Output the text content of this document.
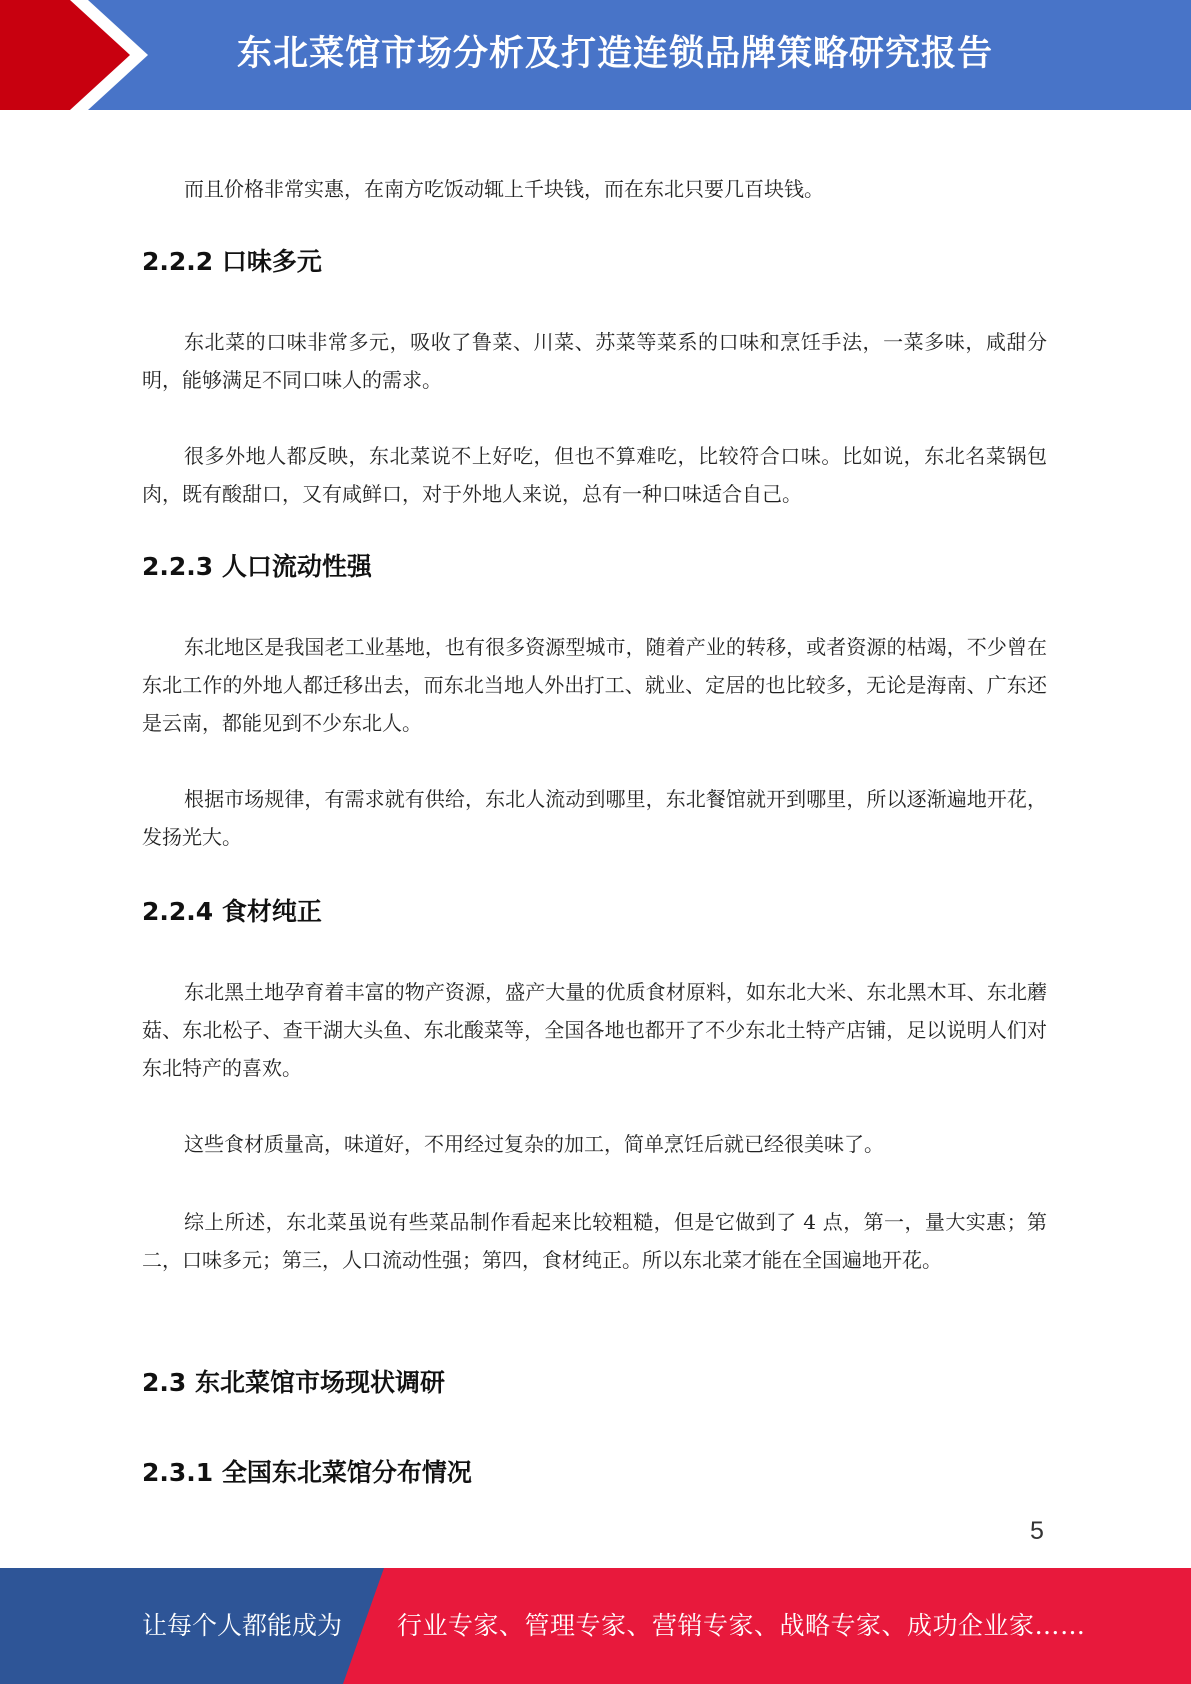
东北菜馆市场分析及打造连锁品牌策略研究报告

而且价格非常实惠，在南方吃饭动辄上千块钱，而在东北只要几百块钱。

2.2.2 口味多元

东北菜的口味非常多元，吸收了鲁菜、川菜、苏菜等菜系的口味和烹饪手法，一菜多味，咸甜分明，能够满足不同口味人的需求。

很多外地人都反映，东北菜说不上好吃，但也不算难吃，比较符合口味。比如说，东北名菜锅包肉，既有酸甜口，又有咸鲜口，对于外地人来说，总有一种口味适合自己。

2.2.3 人口流动性强

东北地区是我国老工业基地，也有很多资源型城市，随着产业的转移，或者资源的枯竭，不少曾在东北工作的外地人都迁移出去，而东北当地人外出打工、就业、定居的也比较多，无论是海南、广东还是云南，都能见到不少东北人。

根据市场规律，有需求就有供给，东北人流动到哪里，东北餐馆就开到哪里，所以逐渐遍地开花，发扬光大。

2.2.4 食材纯正

东北黑土地孕育着丰富的物产资源，盛产大量的优质食材原料，如东北大米、东北黑木耳、东北蘑菇、东北松子、查干湖大头鱼、东北酸菜等，全国各地也都开了不少东北土特产店铺，足以说明人们对东北特产的喜欢。

这些食材质量高，味道好，不用经过复杂的加工，简单烹饪后就已经很美味了。

综上所述，东北菜虽说有些菜品制作看起来比较粗糙，但是它做到了 4 点，第一，量大实惠；第二，口味多元；第三，人口流动性强；第四，食材纯正。所以东北菜才能在全国遍地开花。

2.3 东北菜馆市场现状调研
2.3.1 全国东北菜馆分布情况
5
让每个人都能成为 行业专家、管理专家、营销专家、战略专家、成功企业家……
